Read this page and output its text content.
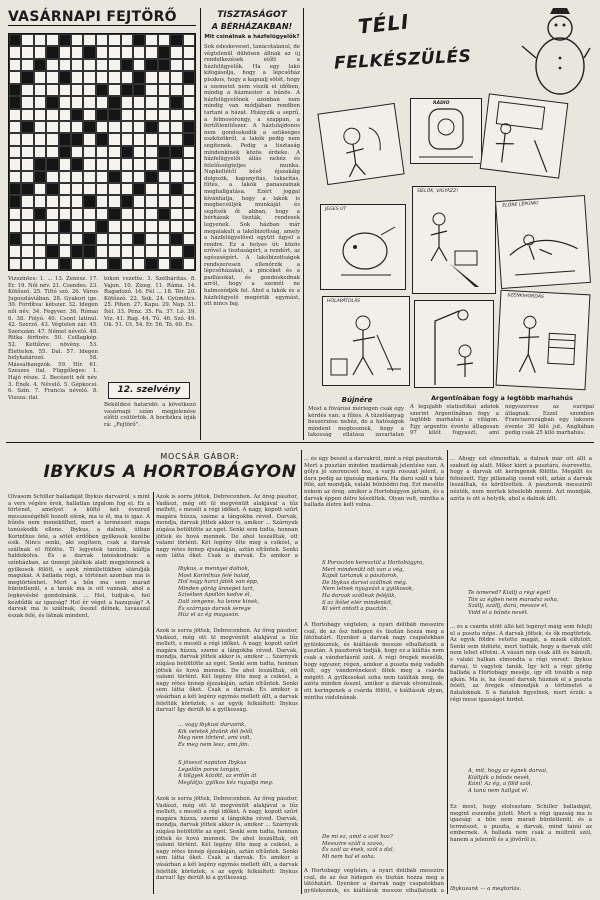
VASÁRNAPI FEJTÖRŐ
Vízszintes: 1. ... 13. Zenész. 17. Ér. 19. Női név. 21. Csendes. 23. Kötőszó. 25. Tiltó szó. 26. Város Jugoszláviában. 28. Gyakori ige. 30. Fordítva: kétszer. 32. Idegen női név. 34. Fegyver. 36. Római 6. 38. Folyó. 40. Csont latinul. 42. Szerző. 43. Végtelen zár. 45. Szerszám. 47. Német névelő. 48. Ritka férfinév. 50. Csillagkép. 52. Kettőzve: növény. 53. Élettelen. 55. Dal. 57. Idegen helyhatározó. 58. Mássalhangzók. 59. Hír. 61. Szeszes ital. Függőleges: 1. Hajó része. 2. Becézett női név. 3. Ének. 4. Névelő. 5. Gépkocsi. 6. Szín. 7. Francia névelő. 8. Vissza: ital.
tókon vezette. 3. Szélhárítás. 8. Vajon. 10. Zizeg. 11. Ráma. 14. Ragadozó. 16. Fél ... 18. Tér. 20. Kötőszó. 22. Sok. 24. Gyümölcs. 25. Pihen. 27. Kapu. 29. Nap. 31. Ítél. 33. Pénz. 35. Fa. 37. Ló. 39. Víz. 41. Rag. 44. Tű. 46. Szó. 49. Ok. 51. Út. 54. Ér. 56. Tó. 60. Es.
12. szelvény
Beküldési határidő: a következő vasárnapi szám megjelenése előtti csütörtök. A borítékra írják rá: „Fejtörő”.
TISZTASÁGOT
A BÉRHÁZAKBAN!
Mit csinálnak a házfelügyelők?
Sok édeskeveset, tanácstalanul, de végtelenül dühösen állnak az új rendelkezések előtt a házfelügyelők. Ha egy lakó kifogásolja, hogy a lépcsőház piszkos, hogy a kapualj sötét, hogy a szemetet nem viszik el időben, mindig a házmester a bűnös. A házfelügyelőnek azonban nem mindig van módjában rendben tartani a házat. Hiányzik a seprű, a felmosórongy, a szappan, a fertőtlenítőszer. A háztulajdonos nem gondoskodik a szükséges eszközökről, a lakók pedig nem segítenek. Pedig a tisztaság mindenkinek közös érdeke. A házfelügyelői állás nehéz és felelősségteljes munka. Napkeltétől késő éjszakáig dolgozik, kapunyitás, takarítás, fűtés, a lakók panaszainak meghallgatása. Ezért joggal kívánhatja, hogy a lakók is megbecsüljék munkáját és segítsék őt abban, hogy a bérházak tiszták, rendesek legyenek. Sok házban már megalakult a lakóbizottság, amely a házfelügyelővel együtt ügyel a rendre. Ez a helyes út: közös erővel a tisztaságért, a rendért, az egészségért. A lakóbizottságok rendszeresen ellenőrzik a lépcsőházakat, a pincéket és a padlásokat, és gondoskodnak arról, hogy a szemét ne halmozódjék fel. Ahol a lakók és a házfelügyelő megértik egymást, ott nincs baj.
TÉLI
FELKÉSZÜLÉS
RÁDIÓ
JEGES ÚT
SÍELŐK, VIGYÁZZ!
ELŐRE LÉPÜNK!
HÓLAPÁTOLÁS
SZÉNKIHORDÁS
Bújnére
Most a fővárosi mérlegen csak egy kérdés van: a fűtés. A tüzelőanyag beszerzése nehéz, de a hatóságok mindent megtesznek, hogy a lakosság ellátása zavartalan
Argentínában fogy a legtöbb marhahús
A legújabb statisztikai adatok szerint Argentínában fogy a legtöbb marhahús a világon. Egy argentin évente átlagosan 97 kilót fogyaszt, ami négyszerese az európai átlagnak. Ezzel szemben Franciaországban egy lakosra évente 30 kiló jut, Angliában pedig csak 25 kiló marhahús.
MOCSÁR GÁBOR:
IBYKUS A HORTOBÁGYON
Olvasom Schiller balladáját Ibykus darvairól, s mint a vers végére érek, hallatlan izgalom fog el. Ez a történet, amelyet a költő két évezred messzeségéből hozott elénk, ma is él, ma is igaz. A bűnös nem menekülhet, mert a természet maga tanúskodik ellene. Ibykus, a dalnok, útban Korinthus felé, a sötét erdőben gyilkosok kezébe esik. Nincs senki, aki segítsen, csak a darvak szállnak el fölötte. Ti legyetek tanúim, kiáltja haldokolva. És a darvak tanúskodnak: a színházban, az ünnepi játékok alatt megjelennek a gyilkosok fölött, s azok rémületükben elárulják magukat. A ballada régi, a történet azonban ma is megtörténhet. Mert a bűn ma sem marad büntetlenül, s a tanúk ma is ott vannak, ahol a legkevésbé gondolnánk. ... Hol, tudjuk-e, hol kezdődik az igazság? Hol ér véget a hazugság? A darvak ma is szállnak, ősszel délnek, tavasszal észak felé, és látnak mindent.
Azok is sorra jöttek, Debrecenben. Az öreg pásztor, Vadászi, még ott ül megvénült alakjával a tűz mellett, s meséli a régi időket. A nagy, kopott szűrt magára húzza, szeme a lángokba réved. Darvak, mondja, darvak jöttek akkor is, amikor ... Szárnyuk zúgása betöltötte az eget. Senki sem tudta, honnan jöttek és hová mennek. De ahol leszálltak, ott valami történt. Két legény ölte meg a csikóst, a nagy rétes ünnep éjszakáján, aztán eltűntek. Senki sem látta őket. Csak a darvak. És amikor a
Ibykus, a mennyei dalnok,
Most Korinthus felé halad,
Hol nagy harci játék van épp,
Minden görög ünnepet tart,
Szívében Apollón kedve él,
Dalt zengene, ha lenne kinek,
És szárnyas darvak serege
Húz el az ég magasán.
Azok is sorra jöttek, Debrecenben. Az öreg pásztor, Vadászi, még ott ül megvénült alakjával a tűz mellett, s meséli a régi időket. A nagy, kopott szűrt magára húzza, szeme a lángokba réved. Darvak, mondja, darvak jöttek akkor is, amikor ... Szárnyuk zúgása betöltötte az eget. Senki sem tudta, honnan jöttek és hová mennek. De ahol leszálltak, ott valami történt. Két legény ölte meg a csikóst, a nagy rétes ünnep éjszakáján, aztán eltűntek. Senki sem látta őket. Csak a darvak. És amikor a vásárban a két legény egymás mellett állt, a darvak felettük köröztek, s az egyik felkiáltott: Ibykus darvai! Így derült ki a gyilkosság.
... vagy ibykusi darvaink,
Kik veletek jövünk dél felől,
Meg nem történt, ami volt,
És meg nem lesz, ami jön.
S jöveszt napúton Ibykus
Legelőin poros tanyán,
A tölgyek között, az erdőn át
Meglátja: gyilkos kéz ragadja meg.
Azok is sorra jöttek, Debrecenben. Az öreg pásztor, Vadászi, még ott ül megvénült alakjával a tűz mellett, s meséli a régi időket. A nagy, kopott szűrt magára húzza, szeme a lángokba réved. Darvak, mondja, darvak jöttek akkor is, amikor ... Szárnyuk zúgása betöltötte az eget. Senki sem tudta, honnan jöttek és hová mennek. De ahol leszálltak, ott valami történt. Két legény ölte meg a csikóst, a nagy rétes ünnep éjszakáján, aztán eltűntek. Senki sem látta őket. Csak a darvak. És amikor a vásárban a két legény egymás mellett állt, a darvak felettük köröztek, s az egyik felkiáltott: Ibykus darvai! Így derült ki a gyilkosság.
... és úgy beszél a darvakról, mint a régi pásztorok. Mert a pusztán minden madárnak jelentése van. A gólya jó szerencsét hoz, a varjú rosszat jelent, a daru pedig az igazság madara. Ha daru száll a ház fölé, azt mondják, valaki bűnhődni fog. Ezt mesélte nekem az öreg, amikor a Hortobágyon jártam, és a darvak éppen délre készültek. Olyan volt, mintha a ballada életre kelt volna.
S Poroszlón keresztül a Hortobágyra,
Mert mindenütt ott van a vég,
Kapát tartanak a pásztorok,
De Ibykus darvai szállnak még.
Nem lelnek nyugvást a gyilkosok,
Ha darvak szállnak feléjük,
S az ítélet elér mindenkit,
Ki vért ontott a pusztán.
A Hortobágy végtelen, a nyári délibáb messzire csal, de az ősz hidegen és tisztán hozza meg a látóhatárt. Ilyenkor a darvak nagy csapatokban gyülekeznek, és kiáltásuk messze elhallatszik a pusztán. A pásztorok tudják, hogy ez a kiáltás nem csak a vándorlásról szól. A régi öregek mesélik, hogy egyszer, régen, amikor a puszta még vadabb volt, egy vándorénekest öltek meg a csárda mögött. A gyilkosokat soha nem találták meg, de azóta minden ősszel, amikor a darvak elvonulnak, ott keringenek a csárda fölött, s kiáltásuk olyan, mintha vádolnának.
De mi ez, amit a szél hoz?
Messzire száll a szava,
És szól az ének, szól a dal,
Mi nem hal el soha.
A Hortobágy végtelen, a nyári délibáb messzire csal, de az ősz hidegen és tisztán hozza meg a látóhatárt. Ilyenkor a darvak nagy csapatokban gyülekeznek, és kiáltásuk messze elhallatszik a
... Ahogy ezt elmondták, a dalnok már ott állt a szabad ég alatt. Mikor kiért a pusztára, észrevette, hogy a darvak ott keringenek fölötte. Megállt és felnézett. Egy pillanatig csend volt, aztán a darvak leszálltak, és körülvették. A pásztorok messziről nézték, nem mertek közelebb menni. Azt mondják, azóta is ott a helyük, ahol a dalnok állt.
Te ismered? Kiáltj a régi eget!
Tán az égben nem maradsz soha,
Szállj, szállj, darú, messze el,
Vidd el a bűnös nevét.
... és a csárda előtt álló két legényt máig sem felejti el a puszta népe. A darvak jöttek, és ők megtörtek. Az egyik földre vetette magát, a másik elfutott. Senki sem üldözte, mert tudták, hogy a darvak elől nem lehet elfutni. A vásári nép csak állt és bámult, s valaki halkan elmondta a régi verset: Ibykus darvai, ti vagytok tanúk. Így lett a régi görög ballada a Hortobágy meséje, így élt tovább a nép ajkán. Ma is, ha ősszel darvak húznak el a puszta felett, az öregek elmondják a történetet a fiataloknak. S a fiatalok figyelnek, mert érzik: a régi mese igazságot hirdet.
A, mit, hogy az égnek darvai,
Kiáltják a bűnös nevét,
Káni! Az ég, a föld szól,
A tanú nem hallgat el.
Ez most, hogy elolvastam Schiller balladáját, megint eszembe jutott. Mert a régi igazság ma is igazság: a bűn nem marad büntetlenül, és a természet, a puszta, a darvak, mind tanúi az embernek. A ballada nem csak a múltról szól, hanem a jelenről és a jövőről is.
Ibykusunk — a megtorlás.
